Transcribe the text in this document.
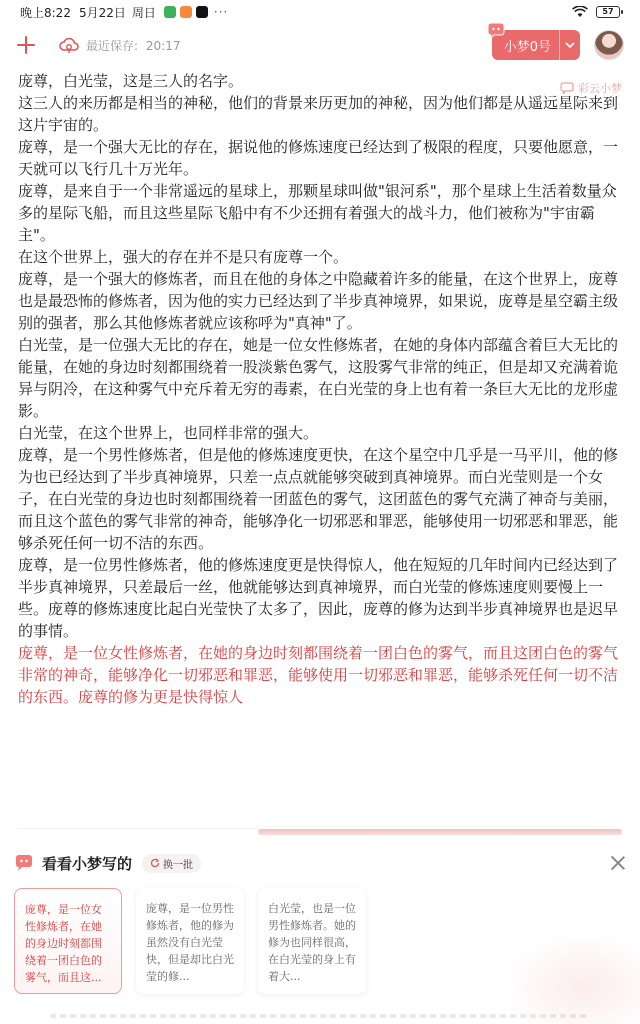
晚上8:22 5月22日 周日	···	57
最近保存: 20:17	小梦0号
彩云小梦

庞尊，白光莹，这是三人的名字。

这三人的来历都是相当的神秘，他们的背景来历更加的神秘，因为他们都是从遥远星际来到这片宇宙的。

庞尊，是一个强大无比的存在，据说他的修炼速度已经达到了极限的程度，只要他愿意，一天就可以飞行几十万光年。

庞尊，是来自于一个非常遥远的星球上，那颗星球叫做"银河系"，那个星球上生活着数量众多的星际飞船，而且这些星际飞船中有不少还拥有着强大的战斗力，他们被称为"宇宙霸主"。

在这个世界上，强大的存在并不是只有庞尊一个。

庞尊，是一个强大的修炼者，而且在他的身体之中隐藏着许多的能量，在这个世界上，庞尊也是最恐怖的修炼者，因为他的实力已经达到了半步真神境界，如果说，庞尊是星空霸主级别的强者，那么其他修炼者就应该称呼为"真神"了。

白光莹，是一位强大无比的存在，她是一位女性修炼者，在她的身体内部蕴含着巨大无比的能量，在她的身边时刻都围绕着一股淡紫色雾气，这股雾气非常的纯正，但是却又充满着诡异与阴冷，在这种雾气中充斥着无穷的毒素，在白光莹的身上也有着一条巨大无比的龙形虚影。

白光莹，在这个世界上，也同样非常的强大。

庞尊，是一个男性修炼者，但是他的修炼速度更快，在这个星空中几乎是一马平川，他的修为也已经达到了半步真神境界，只差一点点就能够突破到真神境界。而白光莹则是一个女子，在白光莹的身边也时刻都围绕着一团蓝色的雾气，这团蓝色的雾气充满了神奇与美丽，而且这个蓝色的雾气非常的神奇，能够净化一切邪恶和罪恶，能够使用一切邪恶和罪恶，能够杀死任何一切不洁的东西。

庞尊，是一位男性修炼者，他的修炼速度更是快得惊人，他在短短的几年时间内已经达到了半步真神境界，只差最后一丝，他就能够达到真神境界，而白光莹的修炼速度则要慢上一些。庞尊的修炼速度比起白光莹快了太多了，因此，庞尊的修为达到半步真神境界也是迟早的事情。

庞尊，是一位女性修炼者，在她的身边时刻都围绕着一团白色的雾气，而且这团白色的雾气非常的神奇，能够净化一切邪恶和罪恶，能够使用一切邪恶和罪恶，能够杀死任何一切不洁的东西。庞尊的修为更是快得惊人

看看小梦写的	换一批
庞尊，是一位女性修炼者，在她的身边时刻都围绕着一团白色的雾气，而且这...
庞尊，是一位男性修炼者，他的修为虽然没有白光莹快，但是却比白光莹的修...
白光莹，也是一位男性修炼者。她的修为也同样很高，在白光莹的身上有着大...
